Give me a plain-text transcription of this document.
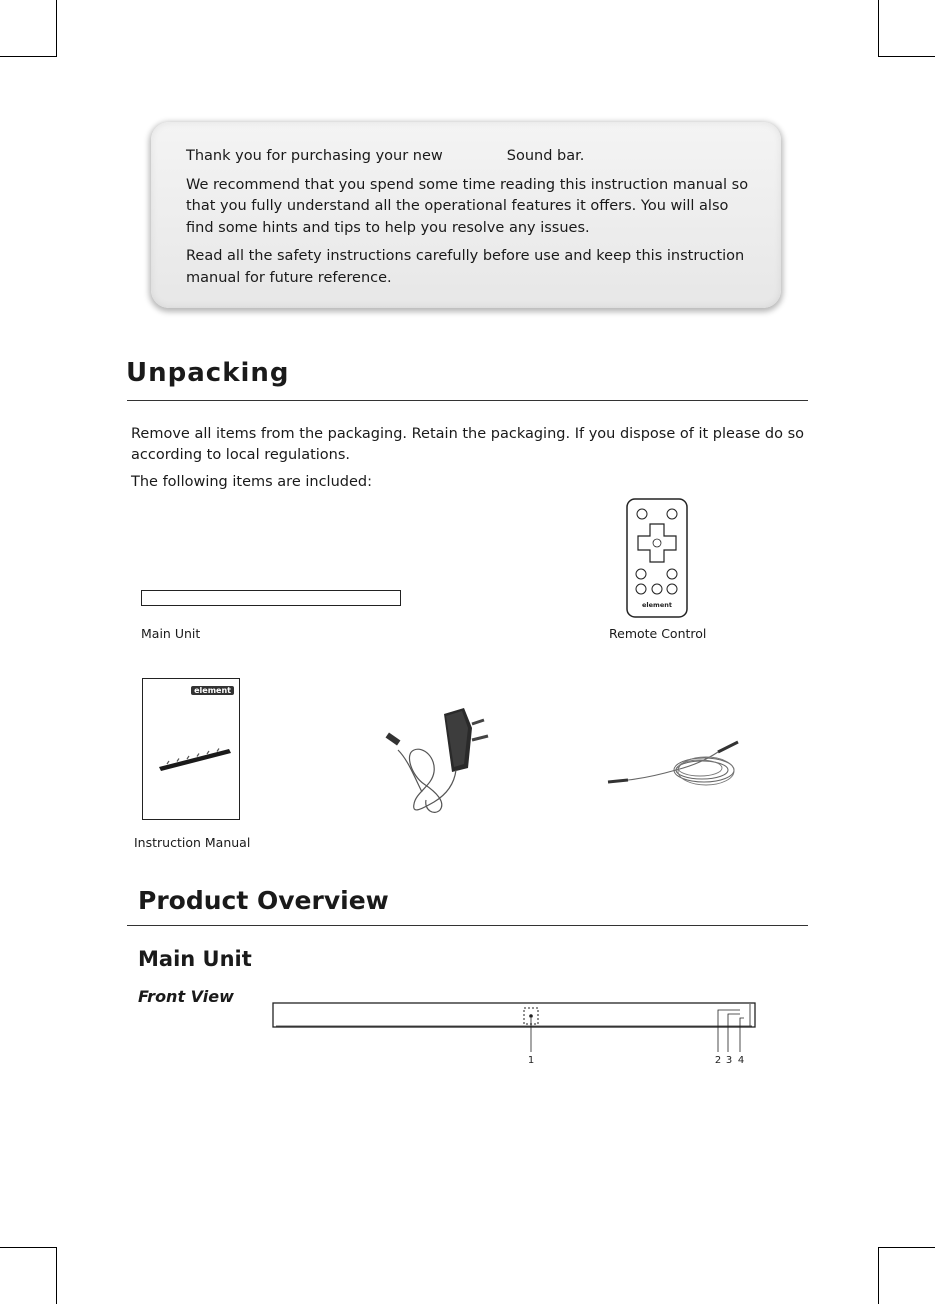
Thank you for purchasing your new	Sound bar.

We recommend that you spend some time reading this instruction manual so that you fully understand all the operational features it offers. You will also find some hints and tips to help you resolve any issues.

Read all the safety instructions carefully before use and keep this instruction manual for future reference.

Unpacking
Remove all items from the packaging. Retain the packaging. If you dispose of it please do so according to local regulations.
The following items are included:
Main Unit
element
Remote Control
element
Instruction Manual
Product Overview
Main Unit
Front View
1	2 3 4
